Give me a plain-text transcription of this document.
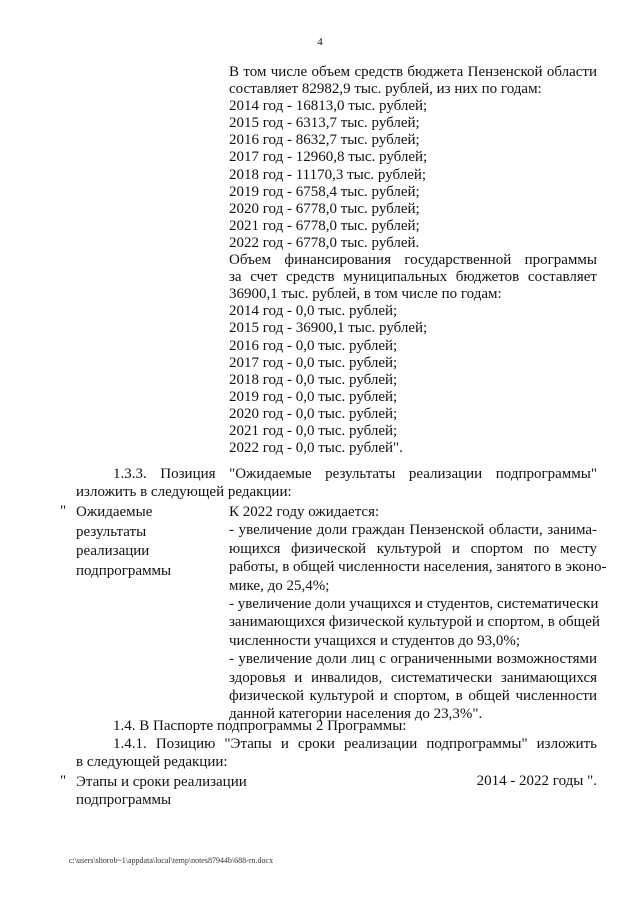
4
В том числе объем средств бюджета Пензенской области
составляет 82982,9 тыс. рублей, из них по годам:
2014 год - 16813,0 тыс. рублей;
2015 год - 6313,7 тыс. рублей;
2016 год - 8632,7 тыс. рублей;
2017 год - 12960,8 тыс. рублей;
2018 год - 11170,3 тыс. рублей;
2019 год - 6758,4 тыс. рублей;
2020 год - 6778,0 тыс. рублей;
2021 год - 6778,0 тыс. рублей;
2022 год - 6778,0 тыс. рублей.
Объем финансирования государственной программы
за счет средств муниципальных бюджетов составляет
36900,1 тыс. рублей, в том числе по годам:
2014 год - 0,0 тыс. рублей;
2015 год - 36900,1 тыс. рублей;
2016 год - 0,0 тыс. рублей;
2017 год - 0,0 тыс. рублей;
2018 год - 0,0 тыс. рублей;
2019 год - 0,0 тыс. рублей;
2020 год - 0,0 тыс. рублей;
2021 год - 0,0 тыс. рублей;
2022 год - 0,0 тыс. рублей".
1.3.3. Позиция "Ожидаемые результаты реализации подпрограммы"
изложить в следующей редакции:
" Ожидаемые
результаты
реализации
подпрограммы
К 2022 году ожидается:
- увеличение доли граждан Пензенской области, занима-
ющихся физической культурой и спортом по месту
работы, в общей численности населения, занятого в эконо-
мике, до 25,4%;
- увеличение доли учащихся и студентов, систематически
занимающихся физической культурой и спортом, в общей
численности учащихся и студентов до 93,0%;
- увеличение доли лиц с ограниченными возможностями
здоровья и инвалидов, систематически занимающихся
физической культурой и спортом, в общей численности
данной категории населения до 23,3%".
1.4. В Паспорте подпрограммы 2 Программы:
1.4.1. Позицию "Этапы и сроки реализации подпрограммы" изложить
в следующей редакции:
" Этапы и сроки реализации
подпрограммы
2014 - 2022 годы ".
c:\users\shorob~1\appdata\local\temp\notes87944b\688-rn.docx
